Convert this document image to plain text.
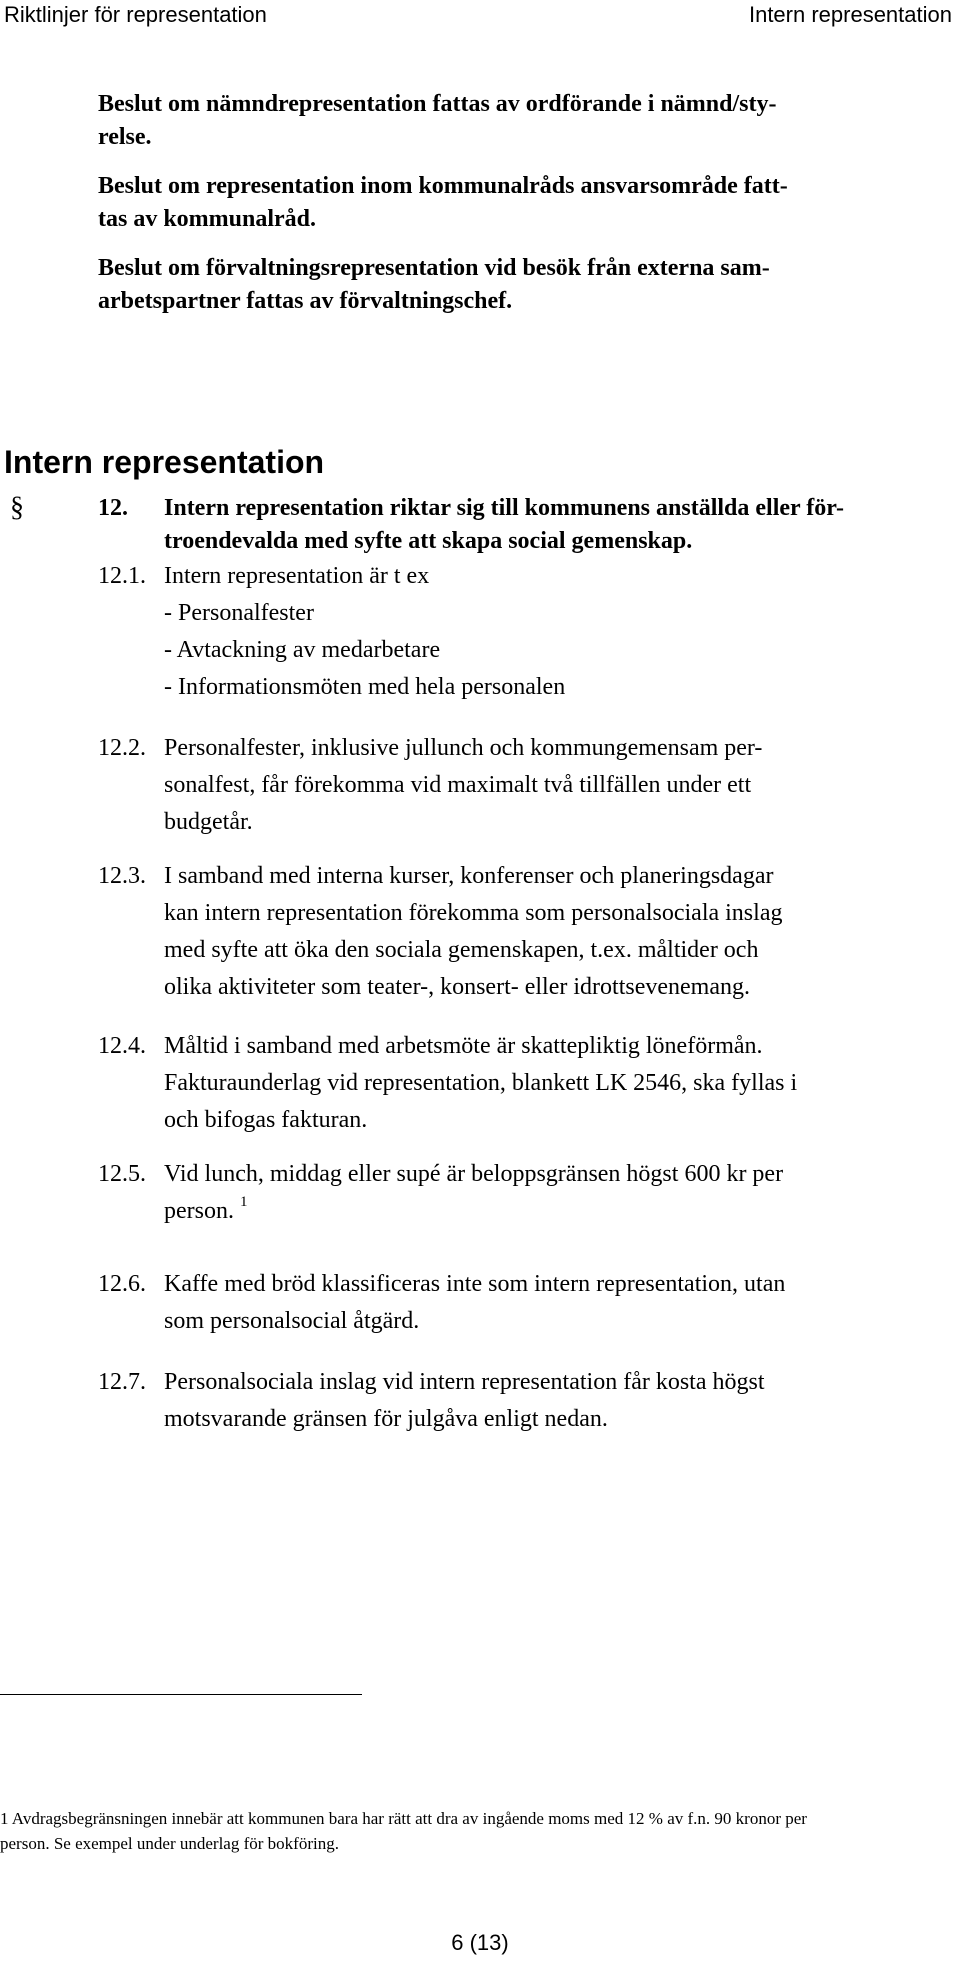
Riktlinjer för representation	Intern representation
Beslut om nämndrepresentation fattas av ordförande i nämnd/sty-
relse.
Beslut om representation inom kommunalråds ansvarsområde fatt-
tas av kommunalråd.
Beslut om förvaltningsrepresentation vid besök från externa sam-
arbetspartner fattas av förvaltningschef.
Intern representation
§	12. Intern representation riktar sig till kommunens anställda eller för-
troendevalda med syfte att skapa social gemenskap.
12.1. Intern representation är t ex
- Personalfester
- Avtackning av medarbetare
- Informationsmöten med hela personalen
12.2. Personalfester, inklusive jullunch och kommungemensam per-
sonalfest, får förekomma vid maximalt två tillfällen under ett
budgetår.
12.3. I samband med interna kurser, konferenser och planeringsdagar
kan intern representation förekomma som personalsociala inslag
med syfte att öka den sociala gemenskapen, t.ex. måltider och
olika aktiviteter som teater-, konsert- eller idrottsevenemang.
12.4. Måltid i samband med arbetsmöte är skattepliktig löneförmån.
Fakturaunderlag vid representation, blankett LK 2546, ska fyllas i
och bifogas fakturan.
12.5. Vid lunch, middag eller supé är beloppsgränsen högst 600 kr per
person. $^1$
12.6. Kaffe med bröd klassificeras inte som intern representation, utan
som personalsocial åtgärd.
12.7. Personalsociala inslag vid intern representation får kosta högst
motsvarande gränsen för julgåva enligt nedan.
1 Avdragsbegränsningen innebär att kommunen bara har rätt att dra av ingående moms med 12 % av f.n. 90 kronor per
person. Se exempel under underlag för bokföring.
6 (13)
